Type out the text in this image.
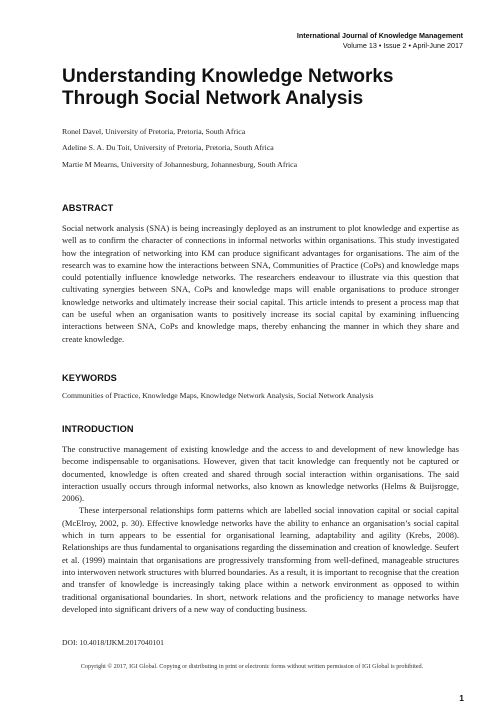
International Journal of Knowledge Management
Volume 13 • Issue 2 • April-June 2017
Understanding Knowledge Networks
Through Social Network Analysis
Ronel Davel, University of Pretoria, Pretoria, South Africa
Adeline S. A. Du Toit, University of Pretoria, Pretoria, South Africa
Martie M Mearns, University of Johannesburg, Johannesburg, South Africa
ABSTRACT

Social network analysis (SNA) is being increasingly deployed as an instrument to plot knowledge and expertise as well as to confirm the character of connections in informal networks within organisations. This study investigated how the integration of networking into KM can produce significant advantages for organisations. The aim of the research was to examine how the interactions between SNA, Communities of Practice (CoPs) and knowledge maps could potentially influence knowledge networks. The researchers endeavour to illustrate via this question that cultivating synergies between SNA, CoPs and knowledge maps will enable organisations to produce stronger knowledge networks and ultimately increase their social capital. This article intends to present a process map that can be useful when an organisation wants to positively increase its social capital by examining influencing interactions between SNA, CoPs and knowledge maps, thereby enhancing the manner in which they share and create knowledge.

KEYWORDS
Communities of Practice, Knowledge Maps, Knowledge Network Analysis, Social Network Analysis
INTRODUCTION

The constructive management of existing knowledge and the access to and development of new knowledge has become indispensable to organisations. However, given that tacit knowledge can frequently not be captured or documented, knowledge is often created and shared through social interaction within organisations. The said interaction usually occurs through informal networks, also known as knowledge networks (Helms & Buijsrogge, 2006).

These interpersonal relationships form patterns which are labelled social innovation capital or social capital (McElroy, 2002, p. 30). Effective knowledge networks have the ability to enhance an organisation’s social capital which in turn appears to be essential for organisational learning, adaptability and agility (Krebs, 2008). Relationships are thus fundamental to organisations regarding the dissemination and creation of knowledge. Seufert et al. (1999) maintain that organisations are progressively transforming from well-defined, manageable structures into interwoven network structures with blurred boundaries. As a result, it is important to recognise that the creation and transfer of knowledge is increasingly taking place within a network environment as opposed to within traditional organisational boundaries. In short, network relations and the proficiency to manage networks have developed into significant drivers of a new way of conducting business.

DOI: 10.4018/IJKM.2017040101
Copyright © 2017, IGI Global. Copying or distributing in print or electronic forms without written permission of IGI Global is prohibited.
1
